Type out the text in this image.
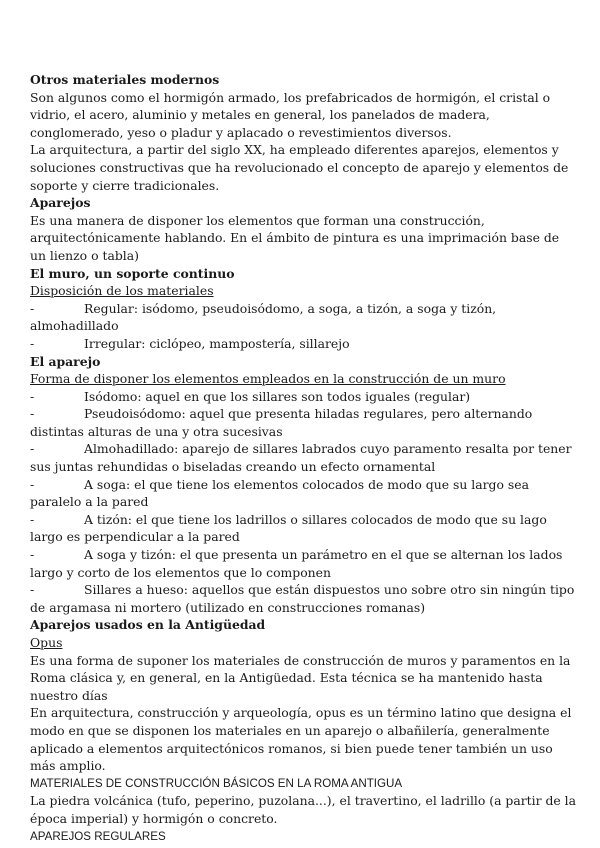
Otros materiales modernos

Son algunos como el hormigón armado, los prefabricados de hormigón, el cristal o vidrio, el acero, aluminio y metales en general, los panelados de madera, conglomerado, yeso o pladur y aplacado o revestimientos diversos.

La arquitectura, a partir del siglo XX, ha empleado diferentes aparejos, elementos y soluciones constructivas que ha revolucionado el concepto de aparejo y elementos de soporte y cierre tradicionales.

Aparejos

Es una manera de disponer los elementos que forman una construcción, arquitectónicamente hablando. En el ámbito de pintura es una imprimación base de un lienzo o tabla)

El muro, un soporte continuo

Disposición de los materiales

-	Regular: isódomo, pseudoisódomo, a soga, a tizón, a soga y tizón, almohadillado

-	Irregular: ciclópeo, mampostería, sillarejo

El aparejo

Forma de disponer los elementos empleados en la construcción de un muro

-	Isódomo: aquel en que los sillares son todos iguales (regular)

-	Pseudoisódomo: aquel que presenta hiladas regulares, pero alternando distintas alturas de una y otra sucesivas

-	Almohadillado: aparejo de sillares labrados cuyo paramento resalta por tener sus juntas rehundidas o biseladas creando un efecto ornamental

-	A soga: el que tiene los elementos colocados de modo que su largo sea paralelo a la pared

-	A tizón: el que tiene los ladrillos o sillares colocados de modo que su lago largo es perpendicular a la pared

-	A soga y tizón: el que presenta un parámetro en el que se alternan los lados largo y corto de los elementos que lo componen

-	Sillares a hueso: aquellos que están dispuestos uno sobre otro sin ningún tipo de argamasa ni mortero (utilizado en construcciones romanas)

Aparejos usados en la Antigüedad

Opus

Es una forma de suponer los materiales de construcción de muros y paramentos en la Roma clásica y, en general, en la Antigüedad. Esta técnica se ha mantenido hasta nuestro días

En arquitectura, construcción y arqueología, opus es un término latino que designa el modo en que se disponen los materiales en un aparejo o albañilería, generalmente aplicado a elementos arquitectónicos romanos, si bien puede tener también un uso más amplio.

MATERIALES DE CONSTRUCCIÓN BÁSICOS EN LA ROMA ANTIGUA

La piedra volcánica (tufo, peperino, puzolana...), el travertino, el ladrillo (a partir de la época imperial) y hormigón o concreto.

APAREJOS REGULARES
